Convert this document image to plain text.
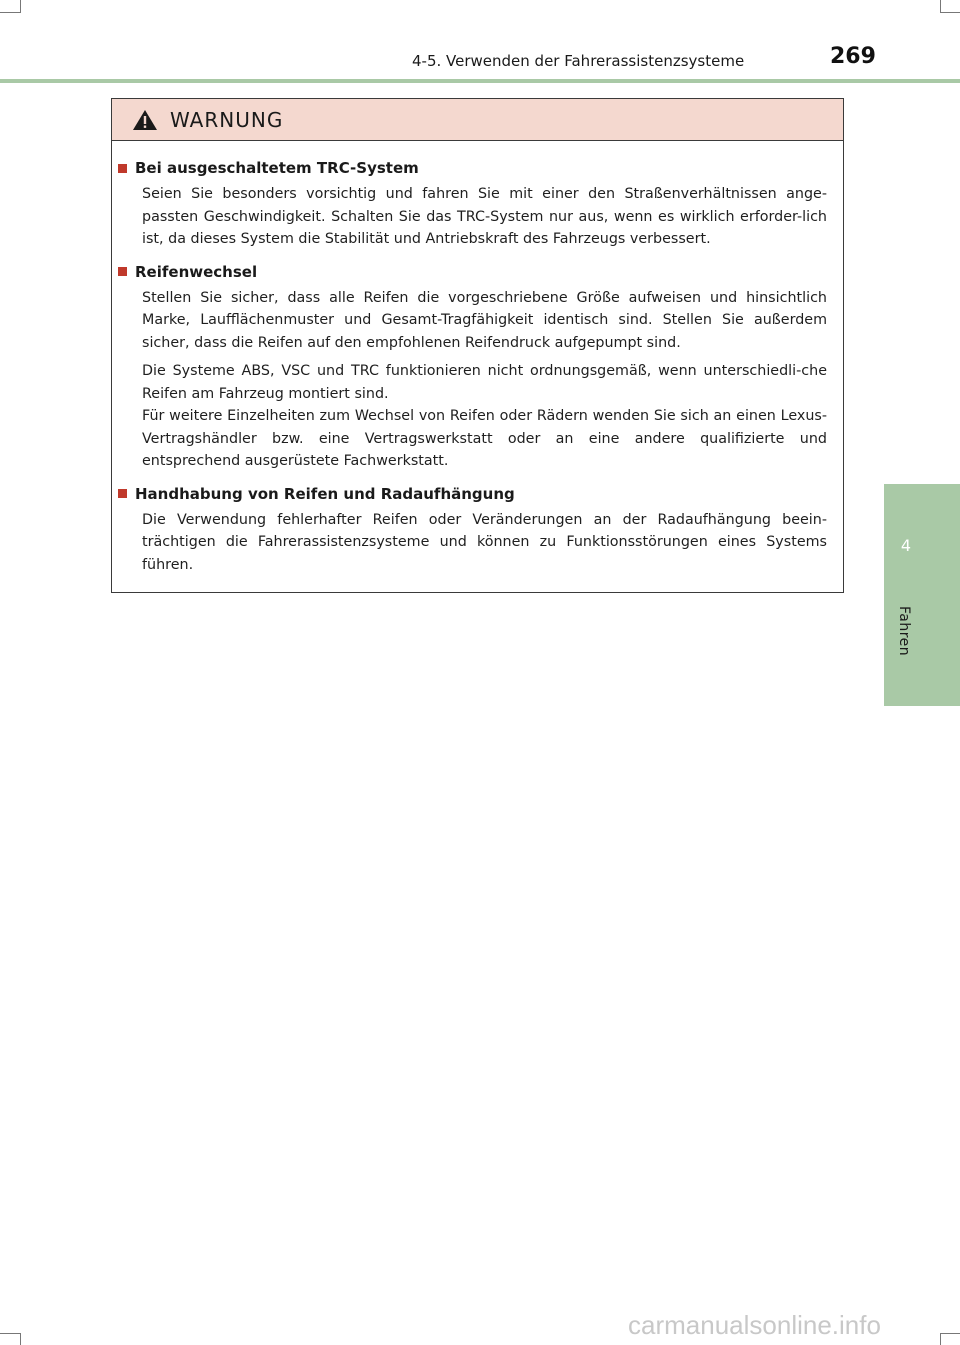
4-5. Verwenden der Fahrerassistenzsysteme	269
4
Fahren
WARNUNG
Bei ausgeschaltetem TRC-System

Seien Sie besonders vorsichtig und fahren Sie mit einer den Straßenverhältnissen ange-passten Geschwindigkeit. Schalten Sie das TRC-System nur aus, wenn es wirklich erforder-lich ist, da dieses System die Stabilität und Antriebskraft des Fahrzeugs verbessert.

Reifenwechsel

Stellen Sie sicher, dass alle Reifen die vorgeschriebene Größe aufweisen und hinsichtlich Marke, Laufflächenmuster und Gesamt-Tragfähigkeit identisch sind. Stellen Sie außerdem sicher, dass die Reifen auf den empfohlenen Reifendruck aufgepumpt sind.

Die Systeme ABS, VSC und TRC funktionieren nicht ordnungsgemäß, wenn unterschiedli-che Reifen am Fahrzeug montiert sind.

Für weitere Einzelheiten zum Wechsel von Reifen oder Rädern wenden Sie sich an einen Lexus-Vertragshändler bzw. eine Vertragswerkstatt oder an eine andere qualifizierte und entsprechend ausgerüstete Fachwerkstatt.

Handhabung von Reifen und Radaufhängung

Die Verwendung fehlerhafter Reifen oder Veränderungen an der Radaufhängung beein-trächtigen die Fahrerassistenzsysteme und können zu Funktionsstörungen eines Systems führen.

carmanualsonline.info
